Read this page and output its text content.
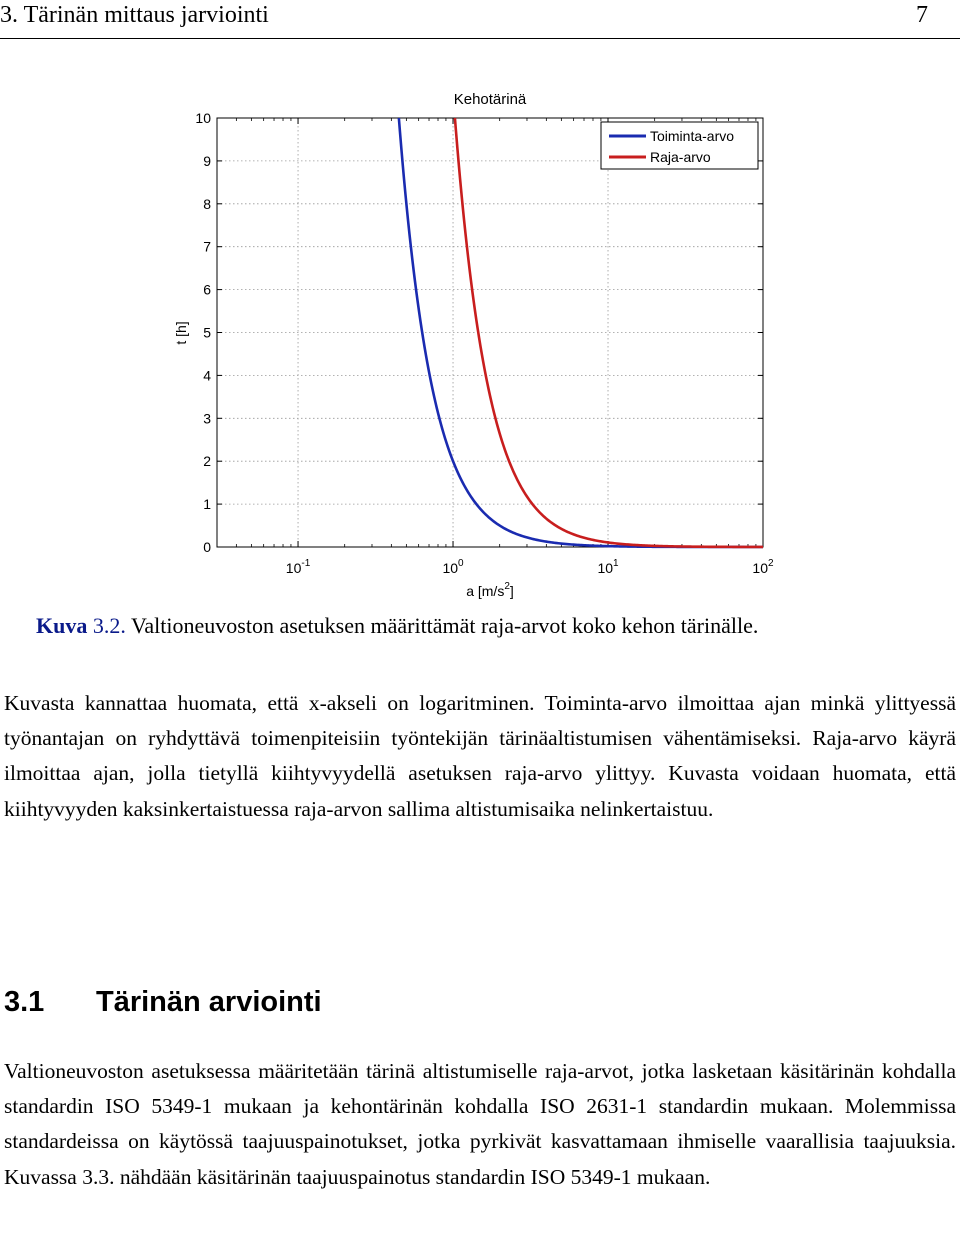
3. Tärinän mittaus jarviointi	7
Kehotärinä
0
1
2
3
4
5
6
7
8
9
10
$10^{-1}$	$10^0$	$10^1$	$10^2$
t [h]
a $[m/s^2]$
Toiminta-arvo
Raja-arvo
Kuva 3.2. Valtioneuvoston asetuksen määrittämät raja-arvot koko kehon tärinälle.

Kuvasta kannattaa huomata, että x-akseli on logaritminen. Toiminta-arvo ilmoittaa ajan minkä ylittyessä työnantajan on ryhdyttävä toimenpiteisiin työntekijän tärinäaltistumisen vähentämiseksi. Raja-arvo käyrä ilmoittaa ajan, jolla tietyllä kiihtyvyydellä asetuksen raja-arvo ylittyy. Kuvasta voidaan huomata, että kiihtyvyyden kaksinkertaistuessa raja-arvon sallima altistumisaika nelinkertaistuu.

3.1 Tärinän arviointi

Valtioneuvoston asetuksessa määritetään tärinä altistumiselle raja-arvot, jotka lasketaan käsitärinän kohdalla standardin ISO 5349-1 mukaan ja kehontärinän kohdalla ISO 2631-1 standardin mukaan. Molemmissa standardeissa on käytössä taajuuspainotukset, jotka pyrkivät kasvattamaan ihmiselle vaarallisia taajuuksia. Kuvassa 3.3. nähdään käsitärinän taajuuspainotus standardin ISO 5349-1 mukaan.
